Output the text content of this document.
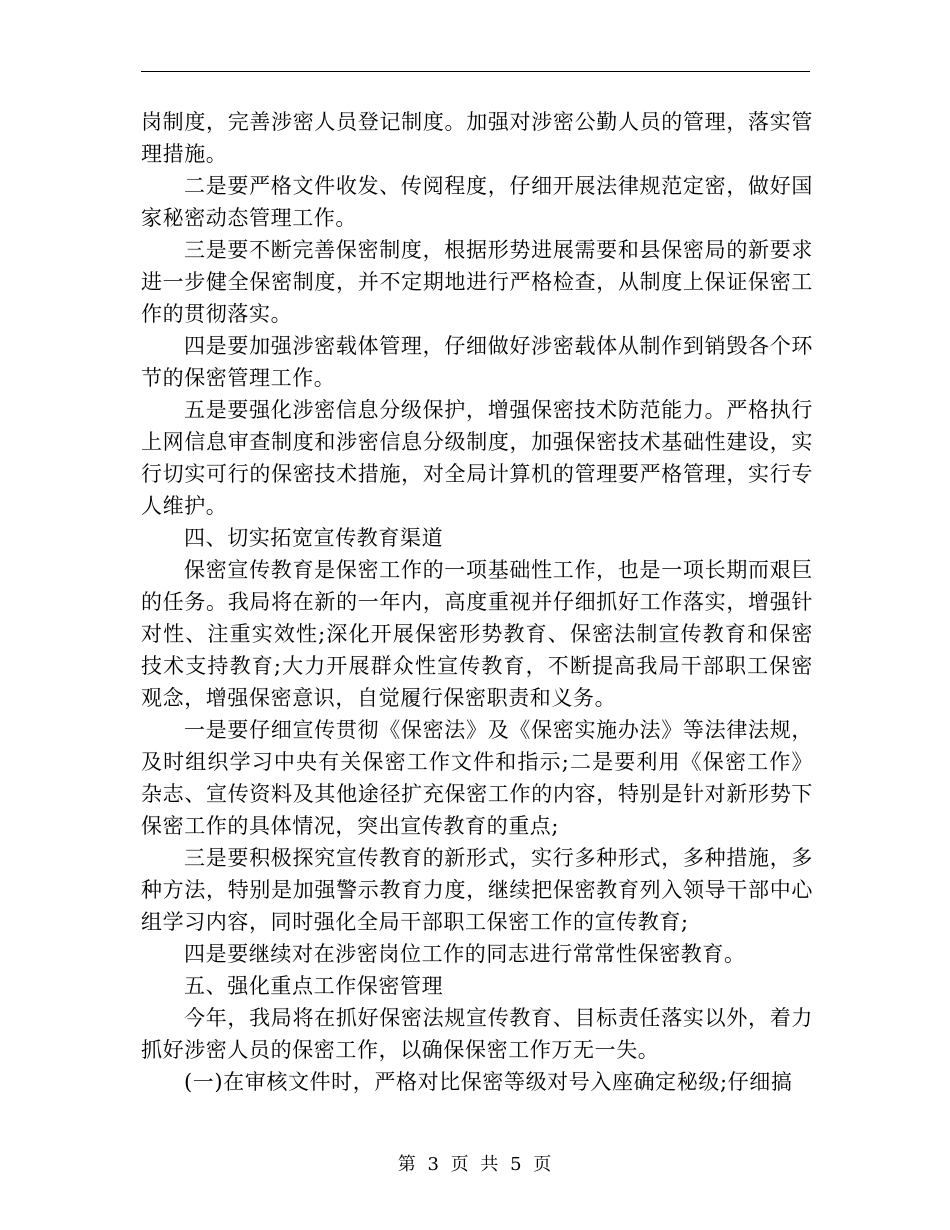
岗制度，完善涉密人员登记制度。加强对涉密公勤人员的管理，落实管理措施。

二是要严格文件收发、传阅程度，仔细开展法律规范定密，做好国家秘密动态管理工作。

三是要不断完善保密制度，根据形势进展需要和县保密局的新要求进一步健全保密制度，并不定期地进行严格检查，从制度上保证保密工作的贯彻落实。

四是要加强涉密载体管理，仔细做好涉密载体从制作到销毁各个环节的保密管理工作。

五是要强化涉密信息分级保护，增强保密技术防范能力。严格执行上网信息审查制度和涉密信息分级制度，加强保密技术基础性建设，实行切实可行的保密技术措施，对全局计算机的管理要严格管理，实行专人维护。

四、切实拓宽宣传教育渠道

保密宣传教育是保密工作的一项基础性工作，也是一项长期而艰巨的任务。我局将在新的一年内，高度重视并仔细抓好工作落实，增强针对性、注重实效性;深化开展保密形势教育、保密法制宣传教育和保密技术支持教育;大力开展群众性宣传教育，不断提高我局干部职工保密观念，增强保密意识，自觉履行保密职责和义务。

一是要仔细宣传贯彻《保密法》及《保密实施办法》等法律法规，及时组织学习中央有关保密工作文件和指示;二是要利用《保密工作》杂志、宣传资料及其他途径扩充保密工作的内容，特别是针对新形势下保密工作的具体情况，突出宣传教育的重点;

三是要积极探究宣传教育的新形式，实行多种形式，多种措施，多种方法，特别是加强警示教育力度，继续把保密教育列入领导干部中心组学习内容，同时强化全局干部职工保密工作的宣传教育;

四是要继续对在涉密岗位工作的同志进行常常性保密教育。

五、强化重点工作保密管理

今年，我局将在抓好保密法规宣传教育、目标责任落实以外，着力抓好涉密人员的保密工作，以确保保密工作万无一失。

(一)在审核文件时，严格对比保密等级对号入座确定秘级;仔细搞

第 3 页 共 5 页
